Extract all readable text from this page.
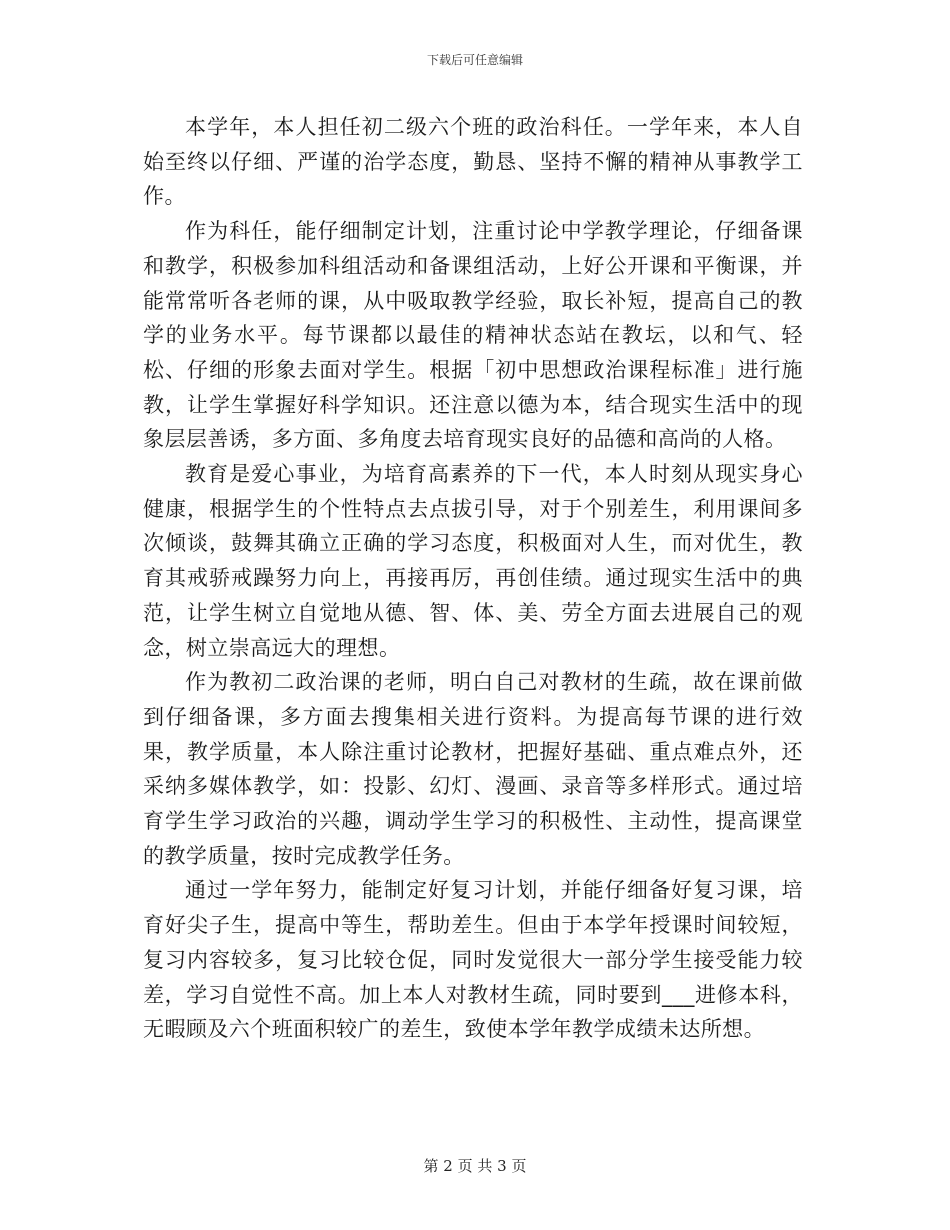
下载后可任意编辑

本学年，本人担任初二级六个班的政治科任。一学年来，本人自始至终以仔细、严谨的治学态度，勤恳、坚持不懈的精神从事教学工作。

作为科任，能仔细制定计划，注重讨论中学教学理论，仔细备课和教学，积极参加科组活动和备课组活动，上好公开课和平衡课，并能常常听各老师的课，从中吸取教学经验，取长补短，提高自己的教学的业务水平。每节课都以最佳的精神状态站在教坛，以和气、轻松、仔细的形象去面对学生。根据「初中思想政治课程标准」进行施教，让学生掌握好科学知识。还注意以德为本，结合现实生活中的现象层层善诱，多方面、多角度去培育现实良好的品德和高尚的人格。

教育是爱心事业，为培育高素养的下一代，本人时刻从现实身心健康，根据学生的个性特点去点拔引导，对于个别差生，利用课间多次倾谈，鼓舞其确立正确的学习态度，积极面对人生，而对优生，教育其戒骄戒躁努力向上，再接再厉，再创佳绩。通过现实生活中的典范，让学生树立自觉地从德、智、体、美、劳全方面去进展自己的观念，树立崇高远大的理想。

作为教初二政治课的老师，明白自己对教材的生疏，故在课前做到仔细备课，多方面去搜集相关进行资料。为提高每节课的进行效果，教学质量，本人除注重讨论教材，把握好基础、重点难点外，还采纳多媒体教学，如：投影、幻灯、漫画、录音等多样形式。通过培育学生学习政治的兴趣，调动学生学习的积极性、主动性，提高课堂的教学质量，按时完成教学任务。

通过一学年努力，能制定好复习计划，并能仔细备好复习课，培育好尖子生，提高中等生，帮助差生。但由于本学年授课时间较短，复习内容较多，复习比较仓促，同时发觉很大一部分学生接受能力较差，学习自觉性不高。加上本人对教材生疏，同时要到___进修本科，无暇顾及六个班面积较广的差生，致使本学年教学成绩未达所想。

第 2 页 共 3 页
